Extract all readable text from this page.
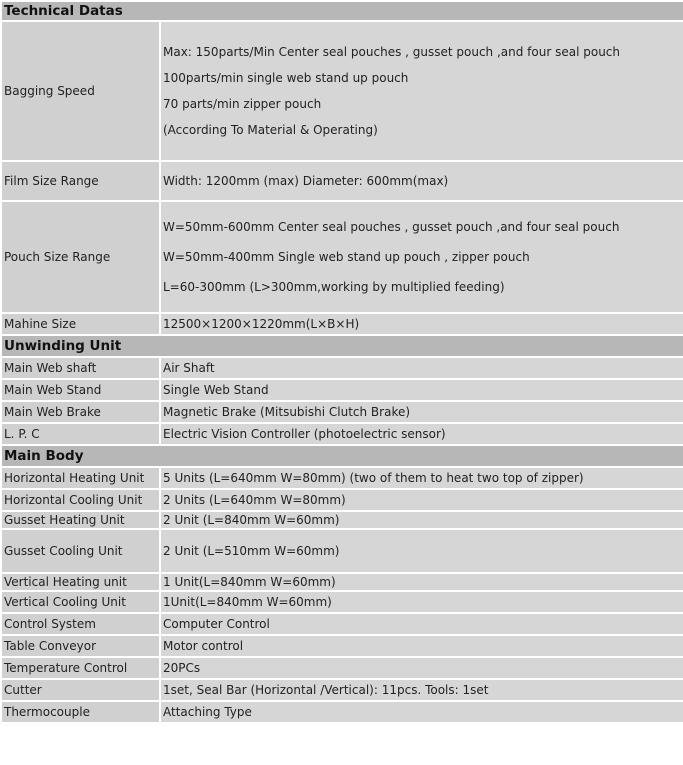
Technical Datas	
Bagging Speed	Max: 150parts/Min Center seal pouches , gusset pouch ,and four seal pouch
100parts/min single web stand up pouch
70 parts/min zipper pouch
(According To Material & Operating)

Film Size Range	Width: 1200mm (max) Diameter: 600mm(max)

Pouch Size Range	W=50mm-600mm Center seal pouches , gusset pouch ,and four seal pouch
W=50mm-400mm Single web stand up pouch , zipper pouch
L=60-300mm (L>300mm,working by multiplied feeding)

Mahine Size	12500×1200×1220mm(L×B×H)

Unwinding Unit	
Main Web shaft	Air Shaft

Main Web Stand	Single Web Stand

Main Web Brake	Magnetic Brake (Mitsubishi Clutch Brake)

L. P. C	Electric Vision Controller (photoelectric sensor)

Main Body	
Horizontal Heating Unit	5 Units (L=640mm W=80mm) (two of them to heat two top of zipper)

Horizontal Cooling Unit	2 Units (L=640mm W=80mm)

Gusset Heating Unit	2 Unit (L=840mm W=60mm)

Gusset Cooling Unit	2 Unit (L=510mm W=60mm)

Vertical Heating unit	1 Unit(L=840mm W=60mm)

Vertical Cooling Unit	1Unit(L=840mm W=60mm)

Control System	Computer Control

Table Conveyor	Motor control

Temperature Control	20PCs

Cutter	1set, Seal Bar (Horizontal /Vertical): 11pcs. Tools: 1set

Thermocouple	Attaching Type
